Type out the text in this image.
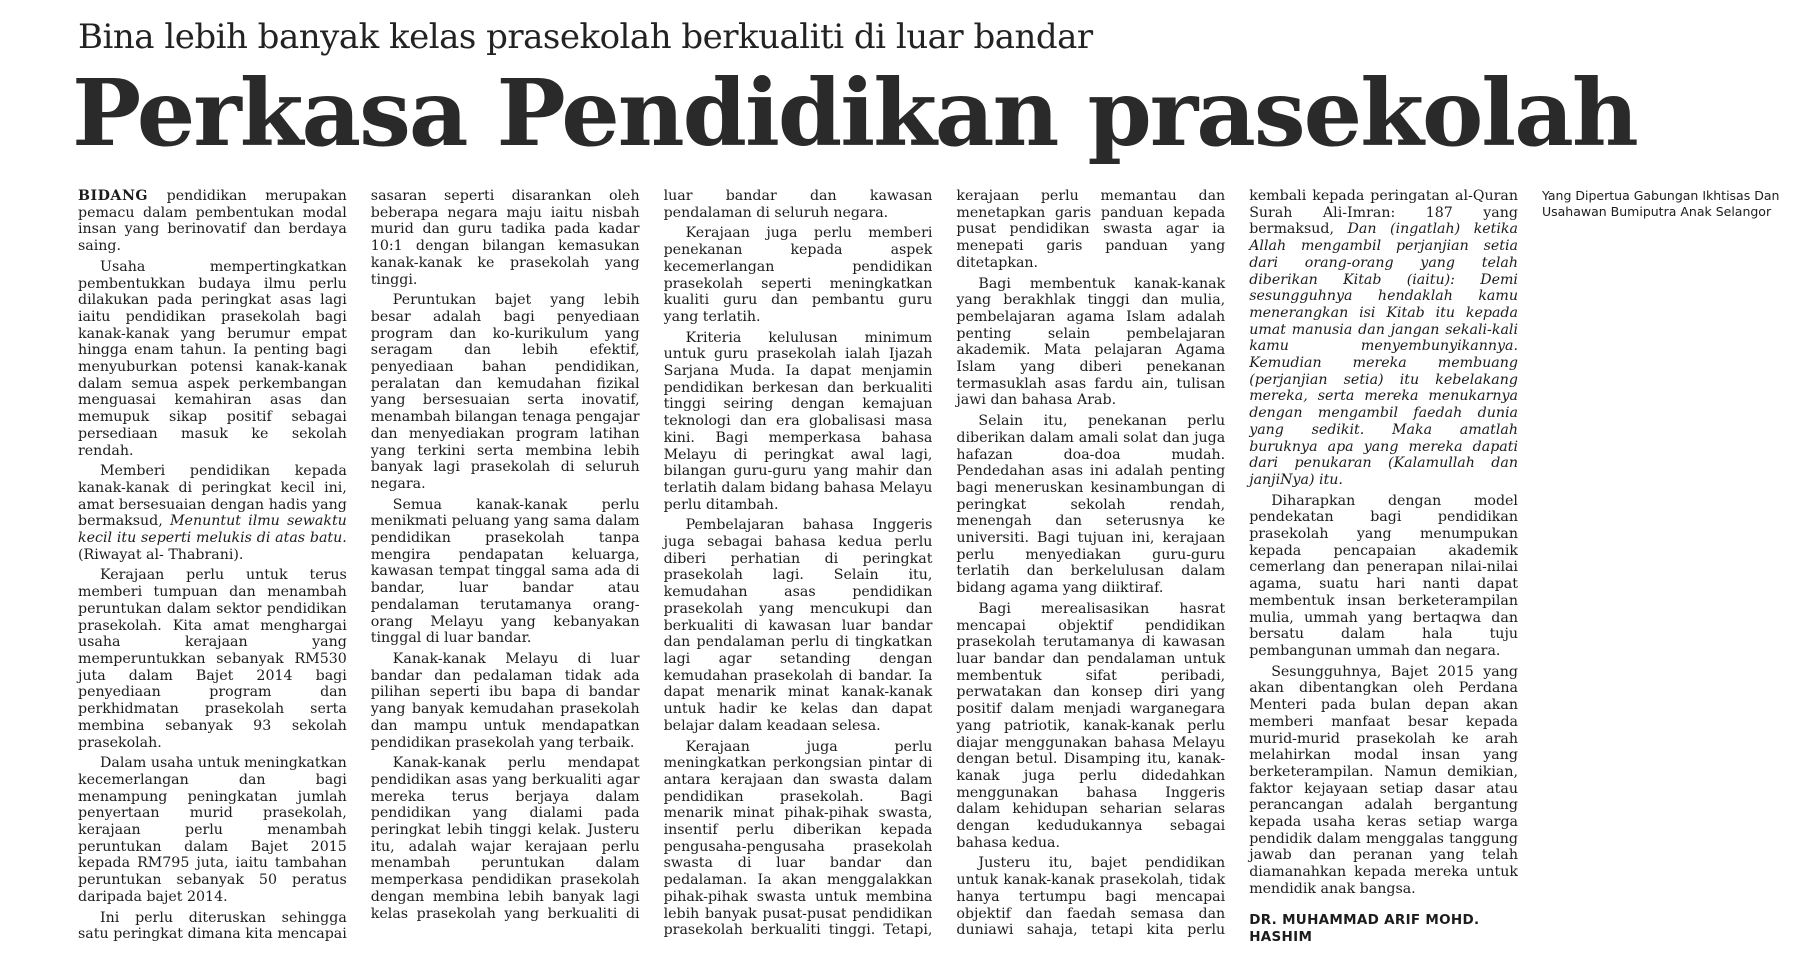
Bina lebih banyak kelas prasekolah berkualiti di luar bandar
Perkasa Pendidikan prasekolah

BIDANG pendidikan merupakan pemacu dalam pembentukan modal insan yang berinovatif dan berdaya saing.

Usaha mempertingkatkan pembentukkan budaya ilmu perlu dilakukan pada peringkat asas lagi iaitu pendidikan prasekolah bagi kanak-kanak yang berumur empat hingga enam tahun. Ia penting bagi menyuburkan potensi kanak-kanak dalam semua aspek perkembangan menguasai kemahiran asas dan memupuk sikap positif sebagai persediaan masuk ke sekolah rendah.

Memberi pendidikan kepada kanak-kanak di peringkat kecil ini, amat bersesuaian dengan hadis yang bermaksud, Menuntut ilmu sewaktu kecil itu seperti melukis di atas batu. (Riwayat al- Thabrani).

Kerajaan perlu untuk terus memberi tumpuan dan menambah peruntukan dalam sektor pendidikan prasekolah. Kita amat menghargai usaha kerajaan yang memperuntukkan sebanyak RM530 juta dalam Bajet 2014 bagi penyediaan program dan perkhidmatan prasekolah serta membina sebanyak 93 sekolah prasekolah.

Dalam usaha untuk meningkatkan kecemerlangan dan bagi menampung peningkatan jumlah penyertaan murid prasekolah, kerajaan perlu menambah peruntukan dalam Bajet 2015 kepada RM795 juta, iaitu tambahan peruntukan sebanyak 50 peratus daripada bajet 2014.

Ini perlu diteruskan sehingga satu peringkat dimana kita mencapai sasaran seperti disarankan oleh beberapa negara maju iaitu nisbah murid dan guru tadika pada kadar 10:1 dengan bilangan kemasukan kanak-kanak ke prasekolah yang tinggi.

Peruntukan bajet yang lebih besar adalah bagi penyediaan program dan ko-kurikulum yang seragam dan lebih efektif, penyediaan bahan pendidikan, peralatan dan kemudahan fizikal yang bersesuaian serta inovatif, menambah bilangan tenaga pengajar dan menyediakan program latihan yang terkini serta membina lebih banyak lagi prasekolah di seluruh negara.

Semua kanak-kanak perlu menikmati peluang yang sama dalam pendidikan prasekolah tanpa mengira pendapatan keluarga, kawasan tempat tinggal sama ada di bandar, luar bandar atau pendalaman terutamanya orang-orang Melayu yang kebanyakan tinggal di luar bandar.

Kanak-kanak Melayu di luar bandar dan pedalaman tidak ada pilihan seperti ibu bapa di bandar yang banyak kemudahan prasekolah dan mampu untuk mendapatkan pendidikan prasekolah yang terbaik.

Kanak-kanak perlu mendapat pendidikan asas yang berkualiti agar mereka terus berjaya dalam pendidikan yang dialami pada peringkat lebih tinggi kelak. Justeru itu, adalah wajar kerajaan perlu menambah peruntukan dalam memperkasa pendidikan prasekolah dengan membina lebih banyak lagi kelas prasekolah yang berkualiti di luar bandar dan kawasan pendalaman di seluruh negara.

Kerajaan juga perlu memberi penekanan kepada aspek kecemerlangan pendidikan prasekolah seperti meningkatkan kualiti guru dan pembantu guru yang terlatih.

Kriteria kelulusan minimum untuk guru prasekolah ialah Ijazah Sarjana Muda. Ia dapat menjamin pendidikan berkesan dan berkualiti tinggi seiring dengan kemajuan teknologi dan era globalisasi masa kini. Bagi memperkasa bahasa Melayu di peringkat awal lagi, bilangan guru-guru yang mahir dan terlatih dalam bidang bahasa Melayu perlu ditambah.

Pembelajaran bahasa Inggeris juga sebagai bahasa kedua perlu diberi perhatian di peringkat prasekolah lagi. Selain itu, kemudahan asas pendidikan prasekolah yang mencukupi dan berkualiti di kawasan luar bandar dan pendalaman perlu di tingkatkan lagi agar setanding dengan kemudahan prasekolah di bandar. Ia dapat menarik minat kanak-kanak untuk hadir ke kelas dan dapat belajar dalam keadaan selesa.

Kerajaan juga perlu meningkatkan perkongsian pintar di antara kerajaan dan swasta dalam pendidikan prasekolah. Bagi menarik minat pihak-pihak swasta, insentif perlu diberikan kepada pengusaha-pengusaha prasekolah swasta di luar bandar dan pedalaman. Ia akan menggalakkan pihak-pihak swasta untuk membina lebih banyak pusat-pusat pendidikan prasekolah berkualiti tinggi. Tetapi, kerajaan perlu memantau dan menetapkan garis panduan kepada pusat pendidikan swasta agar ia menepati garis panduan yang ditetapkan.

Bagi membentuk kanak-kanak yang berakhlak tinggi dan mulia, pembelajaran agama Islam adalah penting selain pembelajaran akademik. Mata pelajaran Agama Islam yang diberi penekanan termasuklah asas fardu ain, tulisan jawi dan bahasa Arab.

Selain itu, penekanan perlu diberikan dalam amali solat dan juga hafazan doa-doa mudah. Pendedahan asas ini adalah penting bagi meneruskan kesinambungan di peringkat sekolah rendah, menengah dan seterusnya ke universiti. Bagi tujuan ini, kerajaan perlu menyediakan guru-guru terlatih dan berkelulusan dalam bidang agama yang diiktiraf.

Bagi merealisasikan hasrat mencapai objektif pendidikan prasekolah terutamanya di kawasan luar bandar dan pendalaman untuk membentuk sifat peribadi, perwatakan dan konsep diri yang positif dalam menjadi warganegara yang patriotik, kanak-kanak perlu diajar menggunakan bahasa Melayu dengan betul. Disamping itu, kanak-kanak juga perlu didedahkan menggunakan bahasa Inggeris dalam kehidupan seharian selaras dengan kedudukannya sebagai bahasa kedua.

Justeru itu, bajet pendidikan untuk kanak-kanak prasekolah, tidak hanya tertumpu bagi mencapai objektif dan faedah semasa dan duniawi sahaja, tetapi kita perlu kembali kepada peringatan al-Quran Surah Ali-Imran: 187 yang bermaksud, Dan (ingatlah) ketika Allah mengambil perjanjian setia dari orang-orang yang telah diberikan Kitab (iaitu): Demi sesungguhnya hendaklah kamu menerangkan isi Kitab itu kepada umat manusia dan jangan sekali-kali kamu menyembunyikannya. Kemudian mereka membuang (perjanjian setia) itu kebelakang mereka, serta mereka menukarnya dengan mengambil faedah dunia yang sedikit. Maka amatlah buruknya apa yang mereka dapati dari penukaran (Kalamullah dan janjiNya) itu.

Diharapkan dengan model pendekatan bagi pendidikan prasekolah yang menumpukan kepada pencapaian akademik cemerlang dan penerapan nilai-nilai agama, suatu hari nanti dapat membentuk insan berketerampilan mulia, ummah yang bertaqwa dan bersatu dalam hala tuju pembangunan ummah dan negara.

Sesungguhnya, Bajet 2015 yang akan dibentangkan oleh Perdana Menteri pada bulan depan akan memberi manfaat besar kepada murid-murid prasekolah ke arah melahirkan modal insan yang berketerampilan. Namun demikian, faktor kejayaan setiap dasar atau perancangan adalah bergantung kepada usaha keras setiap warga pendidik dalam menggalas tanggung jawab dan peranan yang telah diamanahkan kepada mereka untuk mendidik anak bangsa.

DR. MUHAMMAD ARIF MOHD. HASHIM
Yang Dipertua Gabungan Ikhtisas Dan Usahawan Bumiputra Anak Selangor
